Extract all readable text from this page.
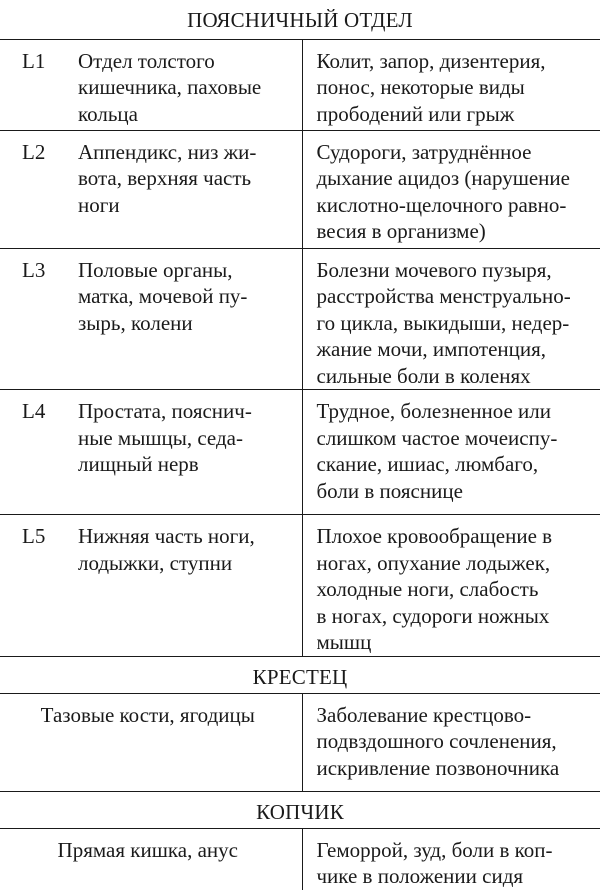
ПОЯСНИЧНЫЙ ОТДЕЛ		

L1	Отдел толстого
кишечника, паховые
кольца	Колит, запор, дизентерия,
понос, некоторые виды
прободений или грыж

L2	Аппендикс, низ жи-
вота, верхняя часть
ноги	Судороги, затруднённое
дыхание ацидоз (нарушение
кислотно-щелочного равно-
весия в организме)

L3	Половые органы,
матка, мочевой пу-
зырь, колени	Болезни мочевого пузыря,
расстройства менструально-
го цикла, выкидыши, недер-
жание мочи, импотенция,
сильные боли в коленях

L4	Простата, пояснич-
ные мышцы, седа-
лищный нерв	Трудное, болезненное или
слишком частое мочеиспу-
скание, ишиас, люмбаго,
боли в пояснице

L5	Нижняя часть ноги,
лодыжки, ступни	Плохое кровообращение в
ногах, опухание лодыжек,
холодные ноги, слабость
в ногах, судороги ножных
мышц

КРЕСТЕЦ		

Тазовые кости, ягодицы		Заболевание крестцово-
подвздошного сочленения,
искривление позвоночника

КОПЧИК		

Прямая кишка, анус		Геморрой, зуд, боли в коп-
чике в положении сидя
